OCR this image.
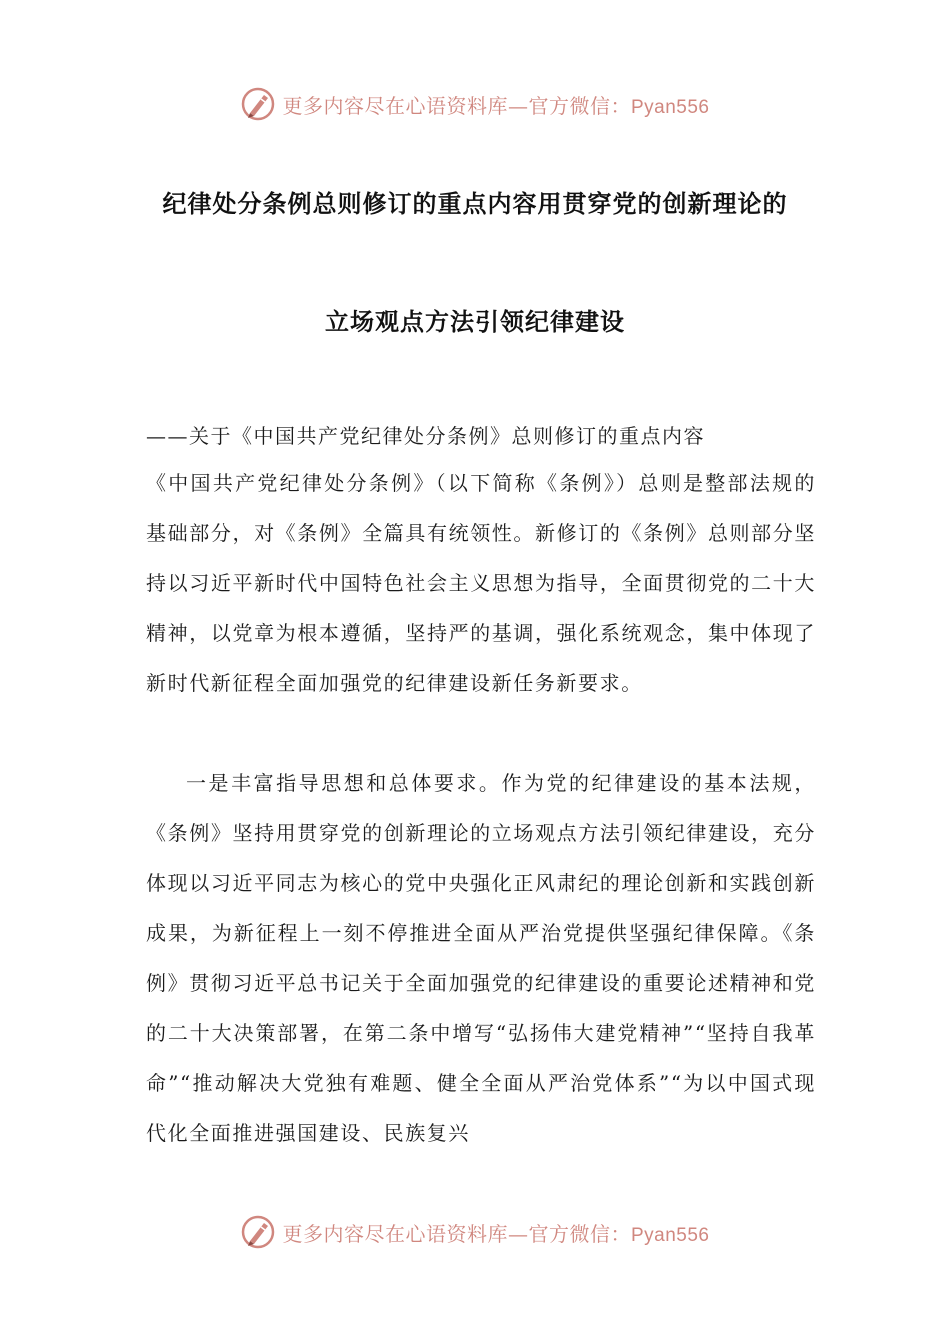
更多内容尽在心语资料库—官方微信：Pyan556
纪律处分条例总则修订的重点内容用贯穿党的创新理论的
立场观点方法引领纪律建设
——关于《中国共产党纪律处分条例》总则修订的重点内容
《中国共产党纪律处分条例》（以下简称《条例》）总则是整部法规的基础部分，对《条例》全篇具有统领性。新修订的《条例》总则部分坚持以习近平新时代中国特色社会主义思想为指导，全面贯彻党的二十大精神，以党章为根本遵循，坚持严的基调，强化系统观念，集中体现了新时代新征程全面加强党的纪律建设新任务新要求。
一是丰富指导思想和总体要求。作为党的纪律建设的基本法规，《条例》坚持用贯穿党的创新理论的立场观点方法引领纪律建设，充分体现以习近平同志为核心的党中央强化正风肃纪的理论创新和实践创新成果，为新征程上一刻不停推进全面从严治党提供坚强纪律保障。《条例》贯彻习近平总书记关于全面加强党的纪律建设的重要论述精神和党的二十大决策部署，在第二条中增写“弘扬伟大建党精神”“坚持自我革命”“推动解决大党独有难题、健全全面从严治党体系”“为以中国式现代化全面推进强国建设、民族复兴
更多内容尽在心语资料库—官方微信：Pyan556
